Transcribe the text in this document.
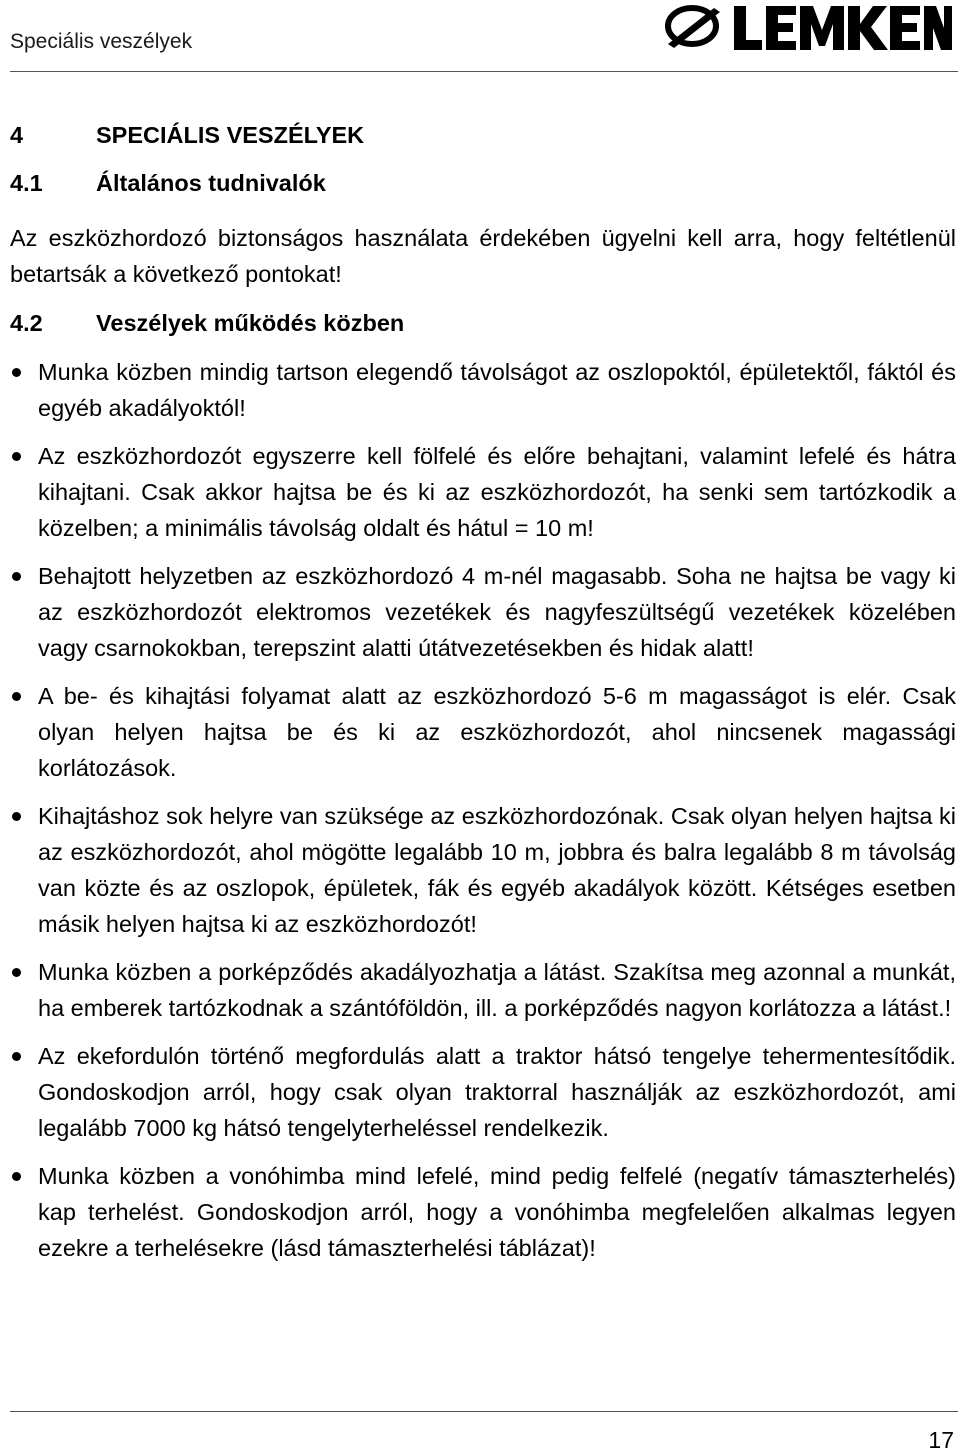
Speciális veszélyek
4	SPECIÁLIS VESZÉLYEK
4.1	Általános tudnivalók
Az eszközhordozó biztonságos használata érdekében ügyelni kell arra, hogy feltétlenül betartsák a következő pontokat!
4.2	Veszélyek működés közben
Munka közben mindig tartson elegendő távolságot az oszlopoktól, épületektől, fáktól és egyéb akadályoktól!
Az eszközhordozót egyszerre kell fölfelé és előre behajtani, valamint lefelé és hátra kihajtani. Csak akkor hajtsa be és ki az eszközhordozót, ha senki sem tartózkodik a közelben; a minimális távolság oldalt és hátul = 10 m!
Behajtott helyzetben az eszközhordozó 4 m-nél magasabb. Soha ne hajtsa be vagy ki az eszközhordozót elektromos vezetékek és nagyfeszültségű vezetékek közelében vagy csarnokokban, terepszint alatti útátvezetésekben és hidak alatt!
A be- és kihajtási folyamat alatt az eszközhordozó 5-6 m magasságot is elér. Csak olyan helyen hajtsa be és ki az eszközhordozót, ahol nincsenek magassági korlátozások.
Kihajtáshoz sok helyre van szüksége az eszközhordozónak. Csak olyan helyen hajtsa ki az eszközhordozót, ahol mögötte legalább 10 m, jobbra és balra legalább 8 m távolság van közte és az oszlopok, épületek, fák és egyéb akadályok között. Kétséges esetben másik helyen hajtsa ki az eszközhordozót!
Munka közben a porképződés akadályozhatja a látást. Szakítsa meg azonnal a munkát, ha emberek tartózkodnak a szántóföldön, ill. a porképződés nagyon korlátozza a látást.!
Az ekefordulón történő megfordulás alatt a traktor hátsó tengelye tehermentesítődik. Gondoskodjon arról, hogy csak olyan traktorral használják az eszközhordozót, ami legalább 7000 kg hátsó tengelyterheléssel rendelkezik.
Munka közben a vonóhimba mind lefelé, mind pedig felfelé (negatív támaszterhelés) kap terhelést. Gondoskodjon arról, hogy a vonóhimba megfelelően alkalmas legyen ezekre a terhelésekre (lásd támaszterhelési táblázat)!
17
